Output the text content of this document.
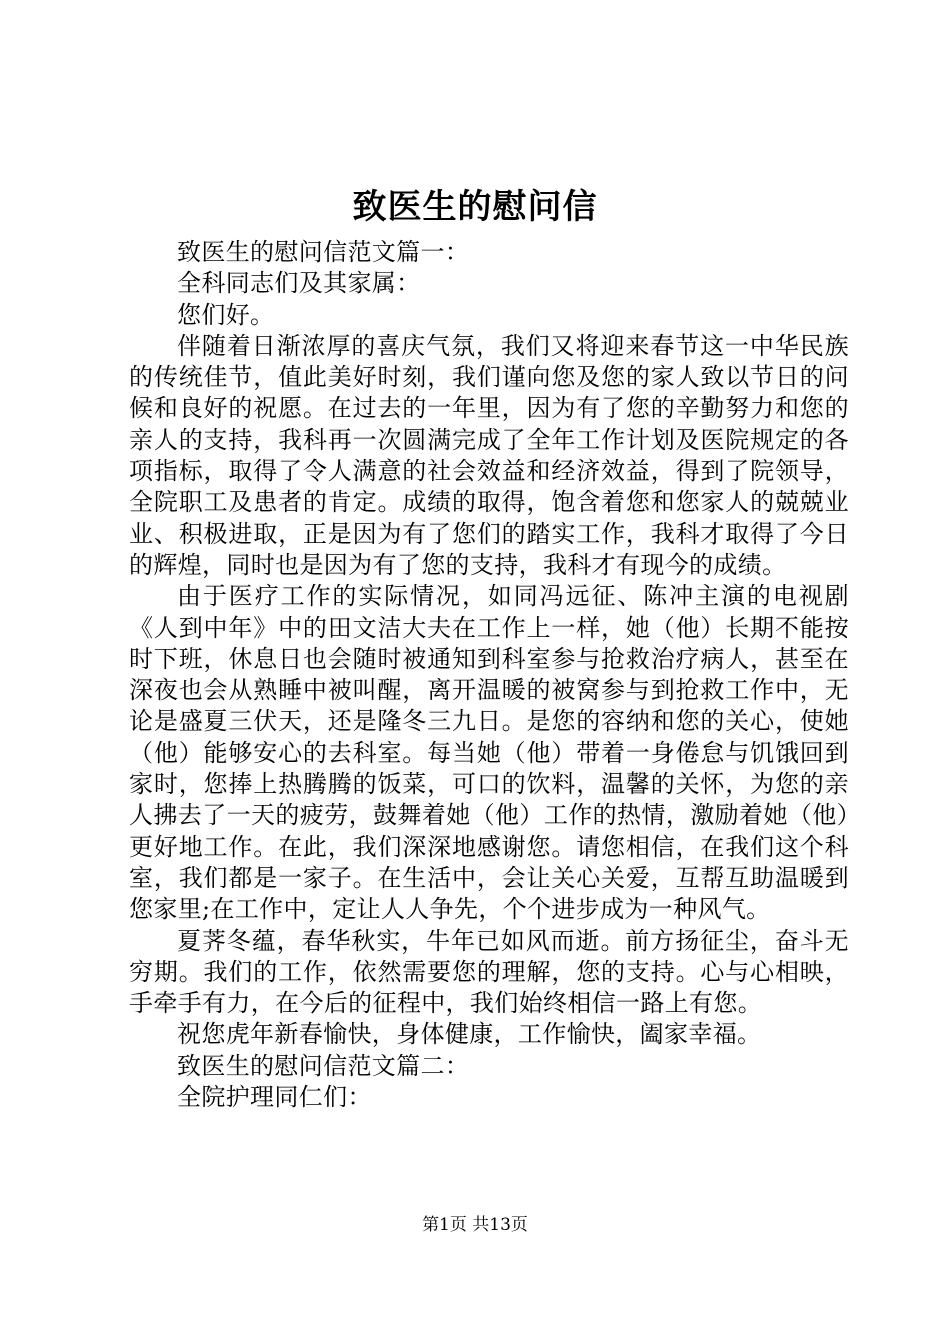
致医生的慰问信

致医生的慰问信范文篇一：

全科同志们及其家属：

您们好。

伴随着日渐浓厚的喜庆气氛，我们又将迎来春节这一中华民族的传统佳节，值此美好时刻，我们谨向您及您的家人致以节日的问候和良好的祝愿。在过去的一年里，因为有了您的辛勤努力和您的亲人的支持，我科再一次圆满完成了全年工作计划及医院规定的各项指标，取得了令人满意的社会效益和经济效益，得到了院领导，全院职工及患者的肯定。成绩的取得，饱含着您和您家人的兢兢业业、积极进取，正是因为有了您们的踏实工作，我科才取得了今日的辉煌，同时也是因为有了您的支持，我科才有现今的成绩。

由于医疗工作的实际情况，如同冯远征、陈冲主演的电视剧《人到中年》中的田文洁大夫在工作上一样，她（他）长期不能按时下班，休息日也会随时被通知到科室参与抢救治疗病人，甚至在深夜也会从熟睡中被叫醒，离开温暖的被窝参与到抢救工作中，无论是盛夏三伏天，还是隆冬三九日。是您的容纳和您的关心，使她（他）能够安心的去科室。每当她（他）带着一身倦怠与饥饿回到家时，您捧上热腾腾的饭菜，可口的饮料，温馨的关怀，为您的亲人拂去了一天的疲劳，鼓舞着她（他）工作的热情，激励着她（他）更好地工作。在此，我们深深地感谢您。请您相信，在我们这个科室，我们都是一家子。在生活中，会让关心关爱，互帮互助温暖到您家里;在工作中，定让人人争先，个个进步成为一种风气。

夏荠冬蕴，春华秋实，牛年已如风而逝。前方扬征尘，奋斗无穷期。我们的工作，依然需要您的理解，您的支持。心与心相映，手牵手有力，在今后的征程中，我们始终相信一路上有您。

祝您虎年新春愉快，身体健康，工作愉快，阖家幸福。

致医生的慰问信范文篇二：

全院护理同仁们：

第1页 共13页
